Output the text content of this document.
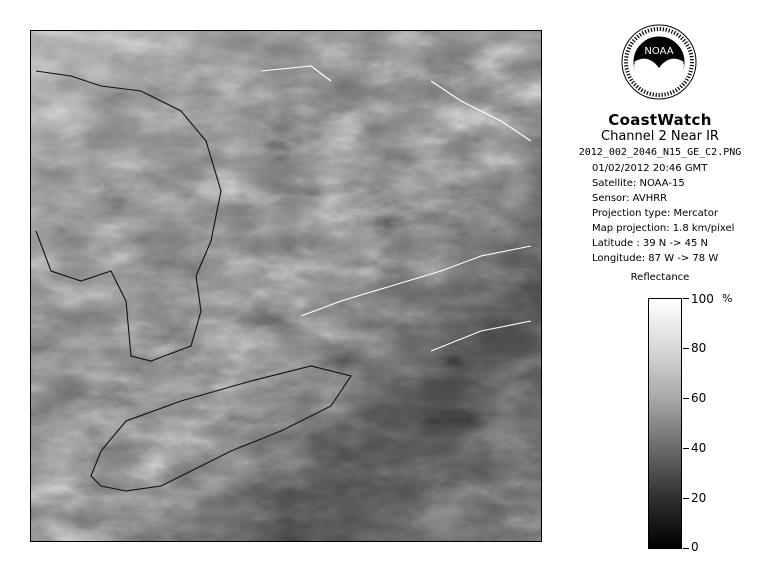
NOAA
CoastWatch
Channel 2 Near IR
2012_002_2046_N15_GE_C2.PNG
01/02/2012 20:46 GMT
Satellite: NOAA-15
Sensor: AVHRR
Projection type: Mercator
Map projection: 1.8 km/pixel
Latitude : 39 N -> 45 N
Longitude: 87 W -> 78 W
Reflectance
%
100
80
60
40
20
0
